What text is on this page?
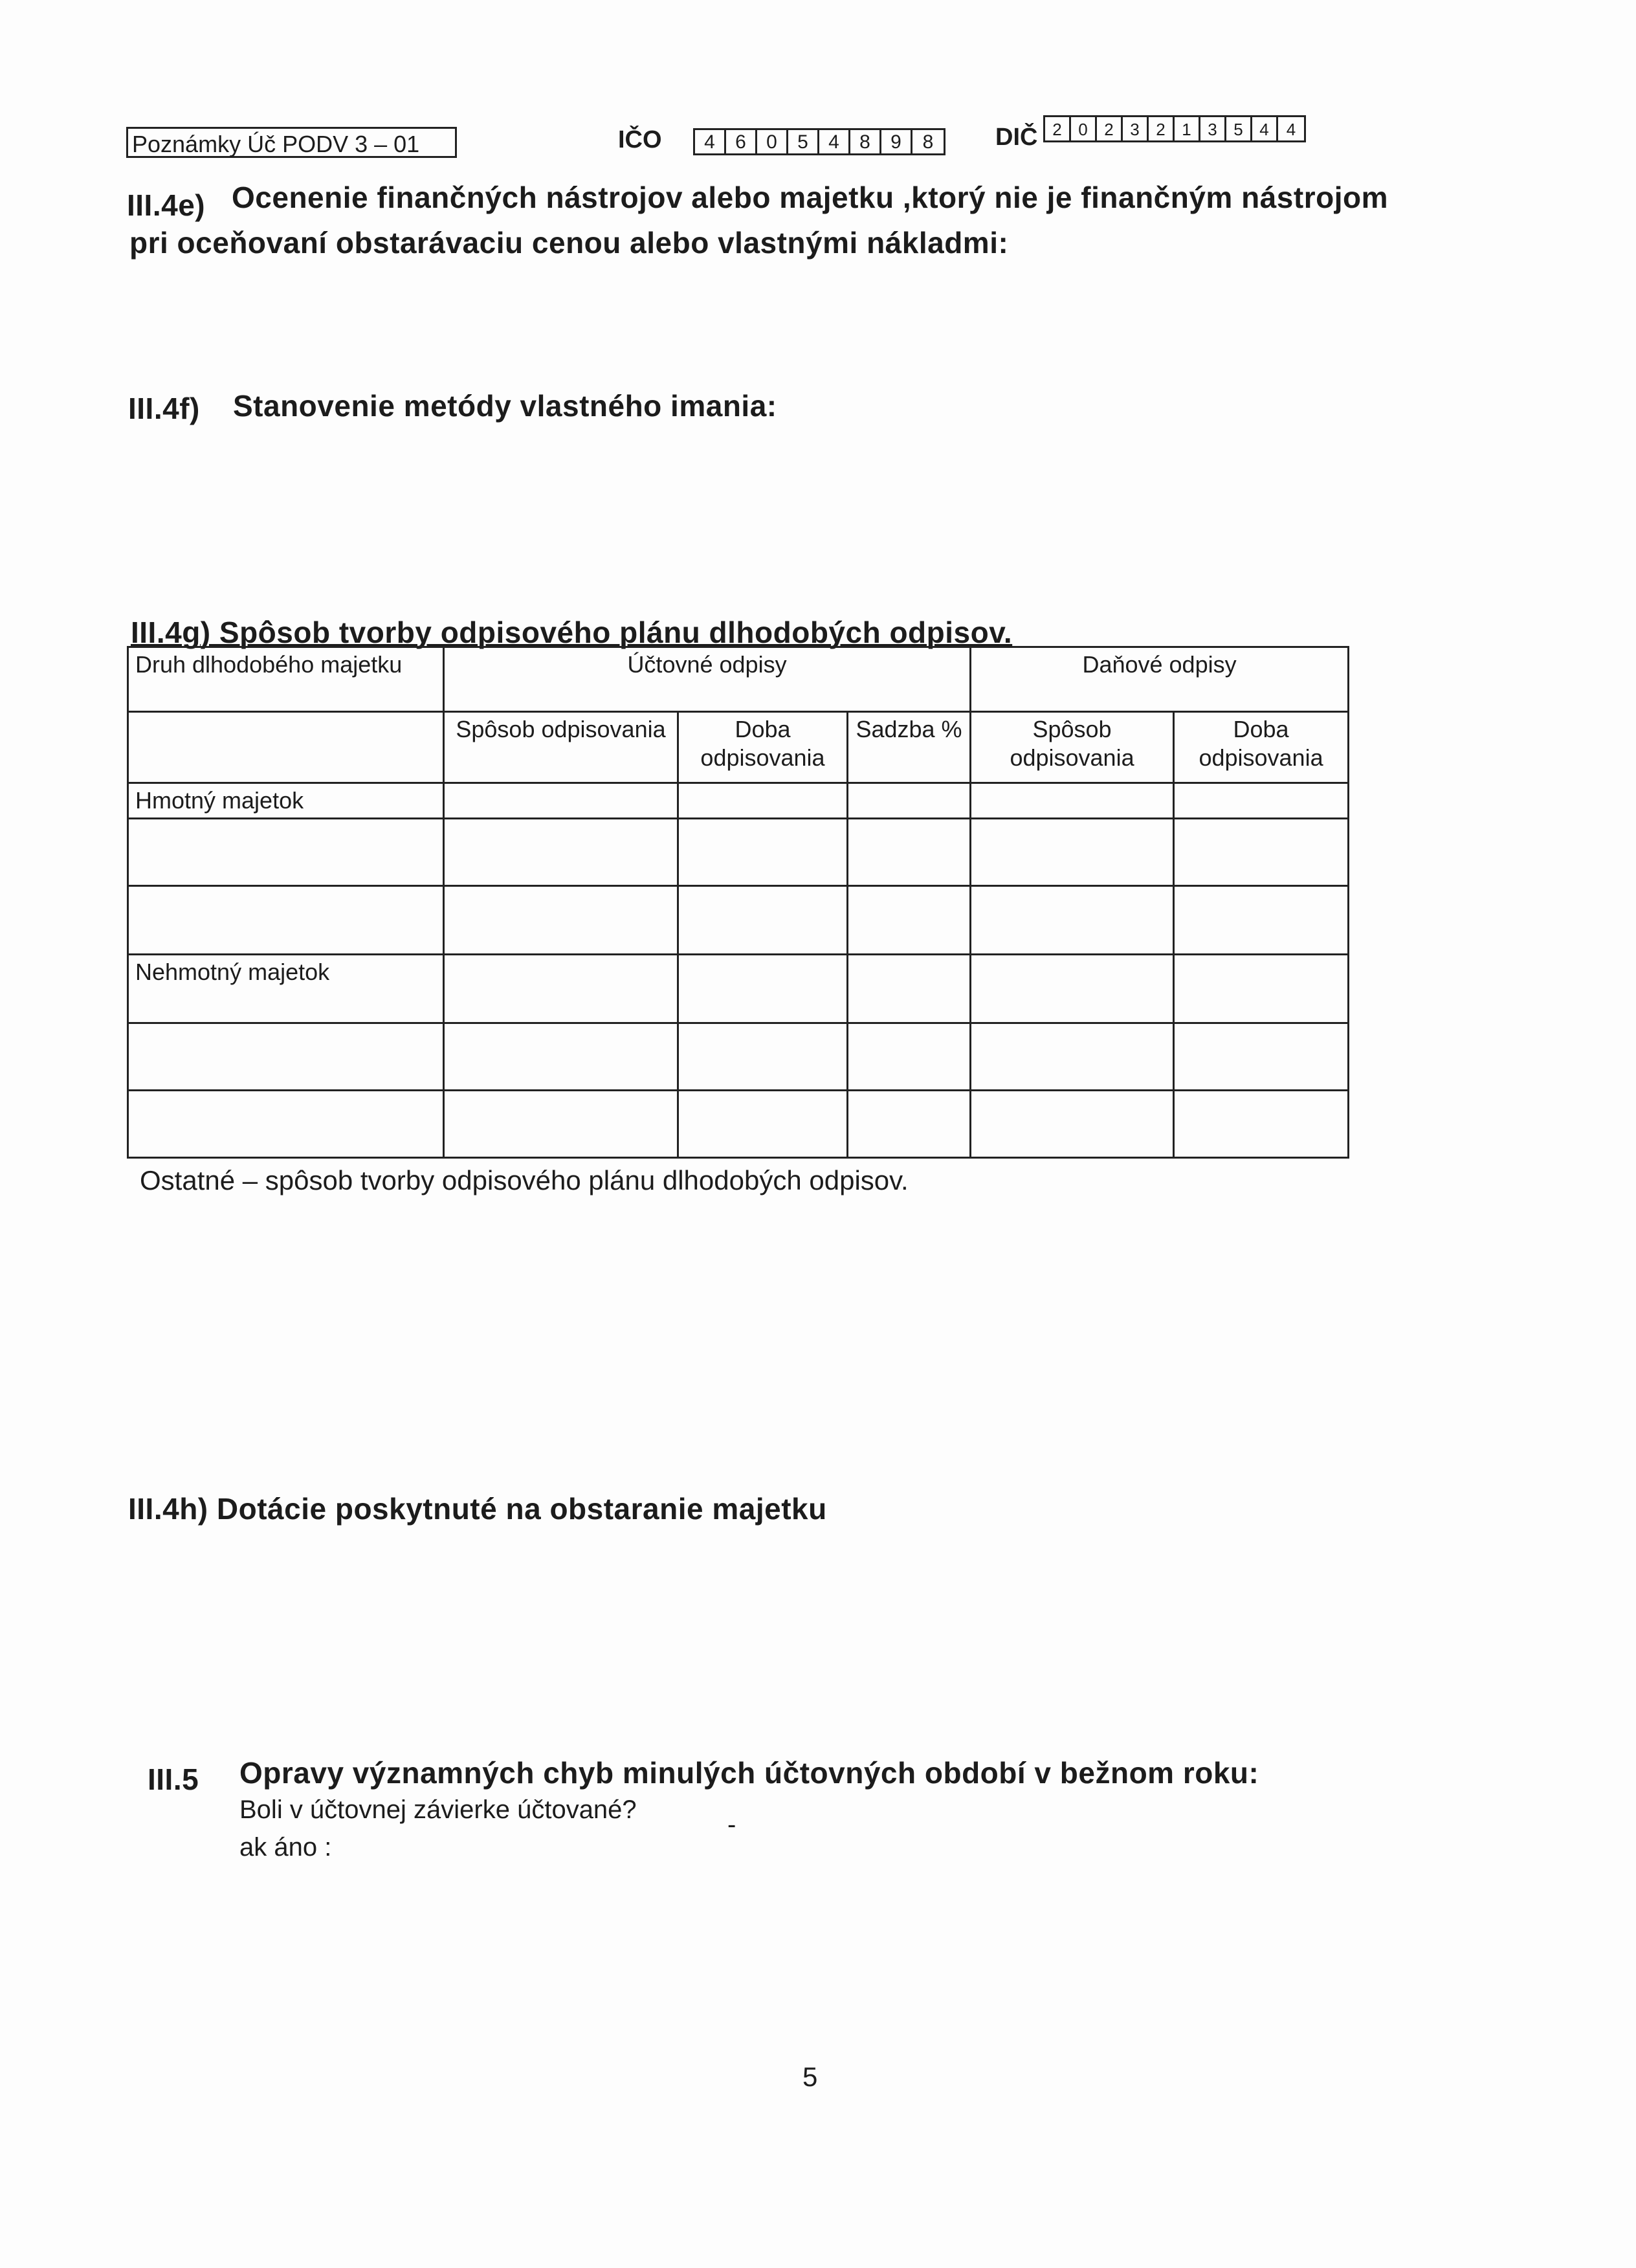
Poznámky Úč PODV 3 – 01	IČO	4	6	0	5	4	8	9	8	DIČ 2 0 2 3 2 1 3 5 4	4
III.4e) Ocenenie finančných nástrojov alebo majetku ,ktorý nie je finančným nástrojom
pri oceňovaní obstarávaciu cenou alebo vlastnými nákladmi:
III.4f) Stanovenie metódy vlastného imania:
III.4g) Spôsob tvorby odpisového plánu dlhodobých odpisov.
Druh dlhodobého majetku	Účtovné odpisy			Daňové odpisy	
	Spôsob odpisovania	Doba odpisovania	Sadzba %	Spôsob odpisovania	Doba odpisovania
Hmotný majetok					

Nehmotný majetok					

Ostatné – spôsob tvorby odpisového plánu dlhodobých odpisov.
III.4h) Dotácie poskytnuté na obstaranie majetku
III.5 Opravy významných chyb minulých účtovných období v bežnom roku:
Boli v účtovnej závierke účtované?
-
ak áno :
5
